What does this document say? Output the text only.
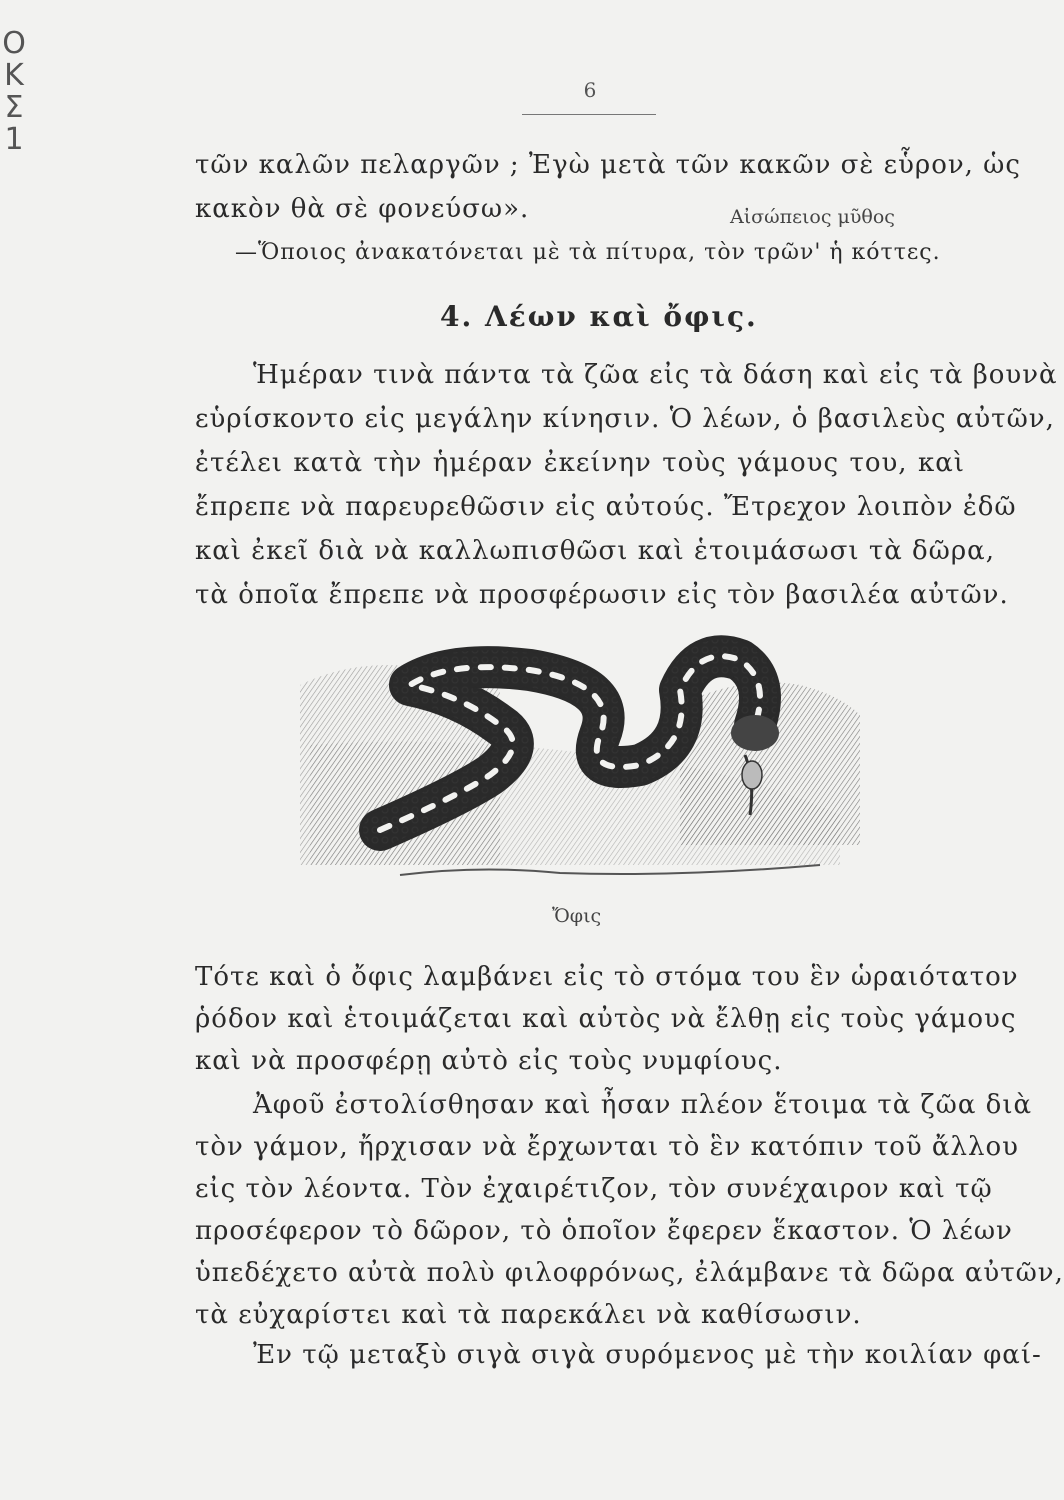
Ο
Κ
Σ
1
6
τῶν καλῶν πελαργῶν ; Ἐγὼ μετὰ τῶν κακῶν σὲ εὗρον, ὡς
κακὸν θὰ σὲ φονεύσω».	Αἰσώπειος μῦθος
—Ὅποιος ἀνακατόνεται μὲ τὰ πίτυρα, τὸν τρῶν' ἡ κόττες.
4. Λέων καὶ ὄφις.
Ἡμέραν τινὰ πάντα τὰ ζῶα εἰς τὰ δάση καὶ εἰς τὰ βουνὰ
εὑρίσκοντο εἰς μεγάλην κίνησιν. Ὁ λέων, ὁ βασιλεὺς αὐτῶν,
ἐτέλει κατὰ τὴν ἡμέραν ἐκείνην τοὺς γάμους του, καὶ
ἔπρεπε νὰ παρευρεθῶσιν εἰς αὐτούς. Ἔτρεχον λοιπὸν ἐδῶ
καὶ ἐκεῖ διὰ νὰ καλλωπισθῶσι καὶ ἑτοιμάσωσι τὰ δῶρα,
τὰ ὁποῖα ἔπρεπε νὰ προσφέρωσιν εἰς τὸν βασιλέα αὐτῶν.
Ὄφις
Τότε καὶ ὁ ὄφις λαμβάνει εἰς τὸ στόμα του ἓν ὡραιότατον
ῥόδον καὶ ἑτοιμάζεται καὶ αὐτὸς νὰ ἔλθῃ εἰς τοὺς γάμους
καὶ νὰ προσφέρῃ αὐτὸ εἰς τοὺς νυμφίους.
Ἀφοῦ ἐστολίσθησαν καὶ ἦσαν πλέον ἕτοιμα τὰ ζῶα διὰ
τὸν γάμον, ἤρχισαν νὰ ἔρχωνται τὸ ἓν κατόπιν τοῦ ἄλλου
εἰς τὸν λέοντα. Τὸν ἐχαιρέτιζον, τὸν συνέχαιρον καὶ τῷ
προσέφερον τὸ δῶρον, τὸ ὁποῖον ἔφερεν ἕκαστον. Ὁ λέων
ὑπεδέχετο αὐτὰ πολὺ φιλοφρόνως, ἐλάμβανε τὰ δῶρα αὐτῶν,
τὰ εὐχαρίστει καὶ τὰ παρεκάλει νὰ καθίσωσιν.
Ἐν τῷ μεταξὺ σιγὰ σιγὰ συρόμενος μὲ τὴν κοιλίαν φαί-
